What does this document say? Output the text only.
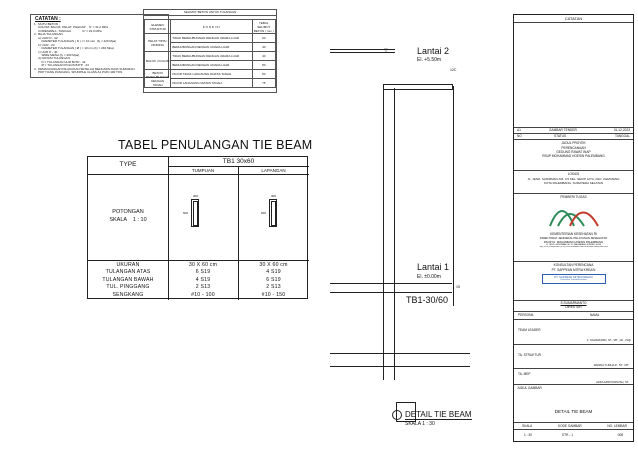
CATATAN :
1.  MUTU BETON :
KOLOM, BALOK, PELAT, PILECAP    fc' = 31,2 MPa
CORESWALL, TANGGA              fc' = 29,0 MPa
2.  BAJA TULANGAN
a) ULIR D - 42
DIAMETER TULANGAN ( D ) >= 10 mm  (fy = 420 Mpa)
b) ULIR - 24
DIAMETER TULANGAN ( Ø ) < 10 mm (fy = 240 Mpa)
c) ULIR D - 40
WIRE MESH (fy = 400 Mpa)
d) NOTASI TULANGAN
D = TULANGAN ULIR BJTD - 42
Ø = TULANGAN POLOS BJTP - 24
3.  PEMANCANGAN DILAKUKAN SETELAH MENCAPAI DATA SUMURAN
PDP TIANG PANCANG, SPUNPILE CLASS A1 PIJIN 100 TON
SELIMUT BETON UNTUK TULANGAN
ELEMEN STRUKTUR	K O N D I S I	TEBAL SELIMUT BETON ( mm )
PELAT TIPIS / DINDING	TIDAK BERHUBUNGAN DENGAN UDARA LUAR	20
	BERHUBUNGAN DENGAN UDARA LUAR	40
BALOK / KOLOM	TIDAK BERHUBUNGAN DENGAN UDARA LUAR	40
	BERHUBUNGAN DENGAN UDARA LUAR	50
BETON BERHUBUNGAN DENGAN TANAH	DICOR TIDAK LANGSUNG DIATAS TANAH	50
	DICOR LANGSUNG DIATAS TANAH	75
TABEL PENULANGAN TIE BEAM
TYPE	TB1 30x60
TUMPUAN	LAPANGAN
POTONGAN
SKALA    1 : 10
300
600
300
600
UKURAN	30 X 60 cm	30 X 60 cm
TULANGAN ATAS	6 S19	4 S19
TULANGAN BAWAH	4 S19	6 S19
TUL. PINGGANG	2 S13	2 S13
SENGKANG	#10 - 100	#10 - 150
12C
15
▽	Lantai 2
El. +5.50m
Lantai 1
El. ±0.00m
TB1-30/60
DETAIL TIE BEAM
SKALA 1 : 30
CATATAN
A1	GAMBAR TENDER	31-12-2023
NO	STATUS	TANGGAL
JUDUL PROYEK
PERENCANAAN
GEDUNG RAWAT INAP
RSUP MOHAMMAD HOESIN PALEMBANG
LOKASI
JL. JEND. SUDIRMAN KM. 3,5 KEL. SEKIP JAYA, KEC. KEMUNING
KOTA PALEMBANG, SUMATERA SELATAN
PEMBERI TUGAS
KEMENTERIAN KESEHATAN RI
DIREKTORAT JENDERAL PELAYANAN KESEHATAN
RSUP Dr. MOHAMMAD HOESIN PALEMBANG
JL. JEND. SUDIRMAN KM. 3,5 PALEMBANG SUMSEL 30126
Telp. (0711) 354088 Faks. (0711) 351318 website: rsmh.co.id email: rsmh@rsmh.co.id
KONSULTAN PERENCANA
PT. SAPPEAN MITRA KREASI
PT. SAPPEAN MITRA KREASI
Konsultan Teknik Arsitektur
S.SUMARMANTO
DIREKTUR
PERSONIL	NAMA
TEAM LEADER
Ir. SAHARUDIN, ST., MT., IAI., ISQI
TA. STRUKTUR
WANDA YUDHA P., ST., MT.
TA. MEP
AZKA APRIYANSYAH, ST.
JUDUL GAMBAR
DETAIL TIE BEAM
SKALA	KODE GAMBAR	NO. LEMBAR
1 : 30	STR - 1	008
